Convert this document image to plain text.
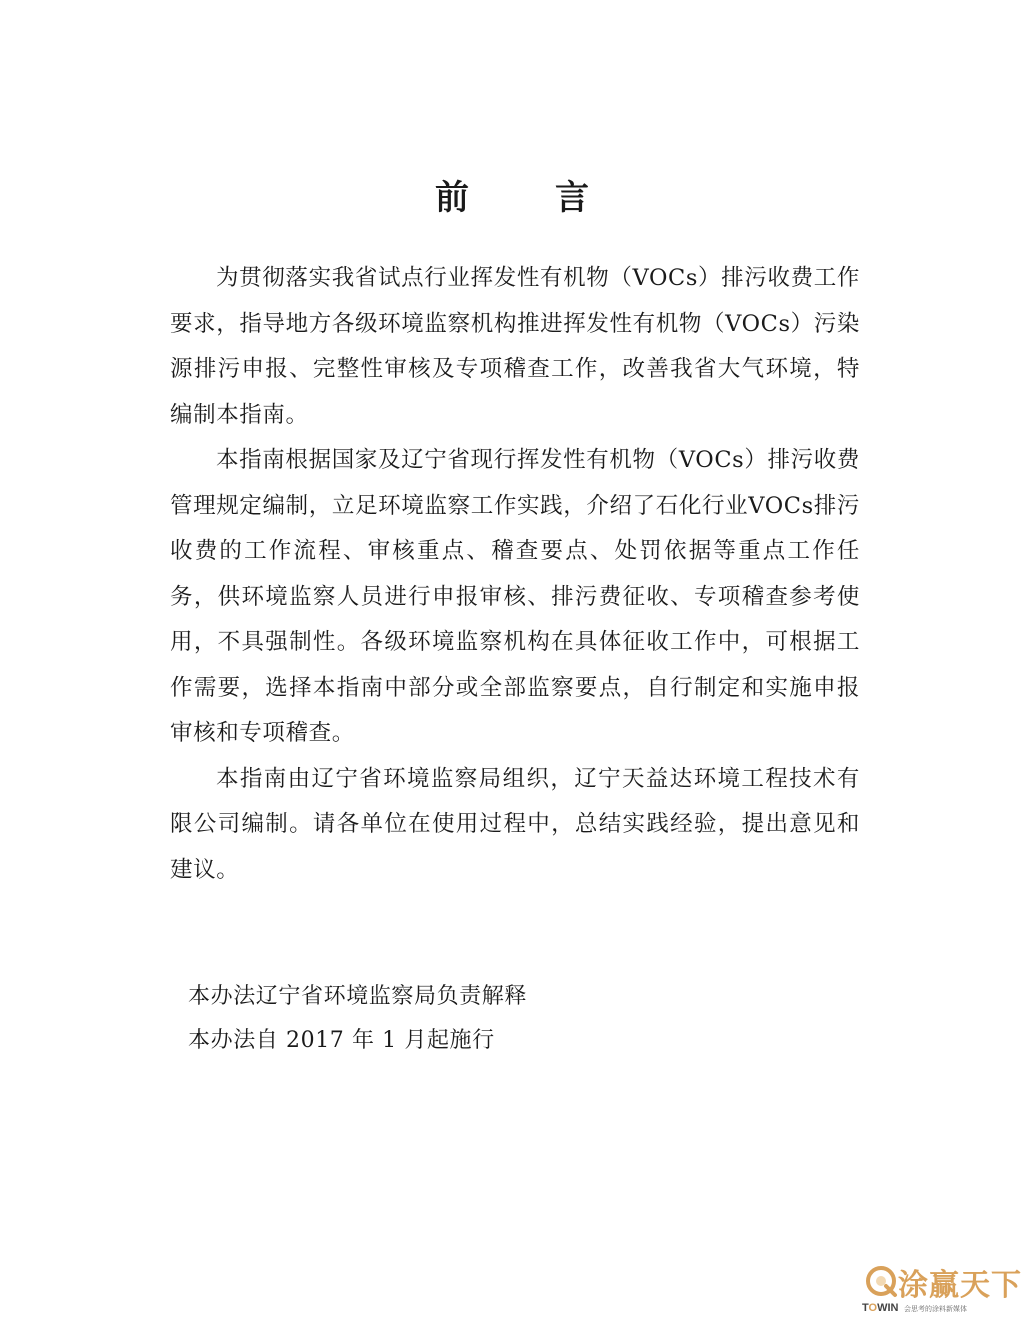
前言

为贯彻落实我省试点行业挥发性有机物（VOCs）排污收费工作要求，指导地方各级环境监察机构推进挥发性有机物（VOCs）污染源排污申报、完整性审核及专项稽查工作，改善我省大气环境，特编制本指南。

本指南根据国家及辽宁省现行挥发性有机物（VOCs）排污收费管理规定编制，立足环境监察工作实践，介绍了石化行业VOCs排污收费的工作流程、审核重点、稽查要点、处罚依据等重点工作任务，供环境监察人员进行申报审核、排污费征收、专项稽查参考使用，不具强制性。各级环境监察机构在具体征收工作中，可根据工作需要，选择本指南中部分或全部监察要点，自行制定和实施申报审核和专项稽查。

本指南由辽宁省环境监察局组织，辽宁天益达环境工程技术有限公司编制。请各单位在使用过程中，总结实践经验，提出意见和建议。

本办法辽宁省环境监察局负责解释

本办法自 2017 年 1 月起施行

涂赢天下
TOWIN 会思考的涂料新媒体
